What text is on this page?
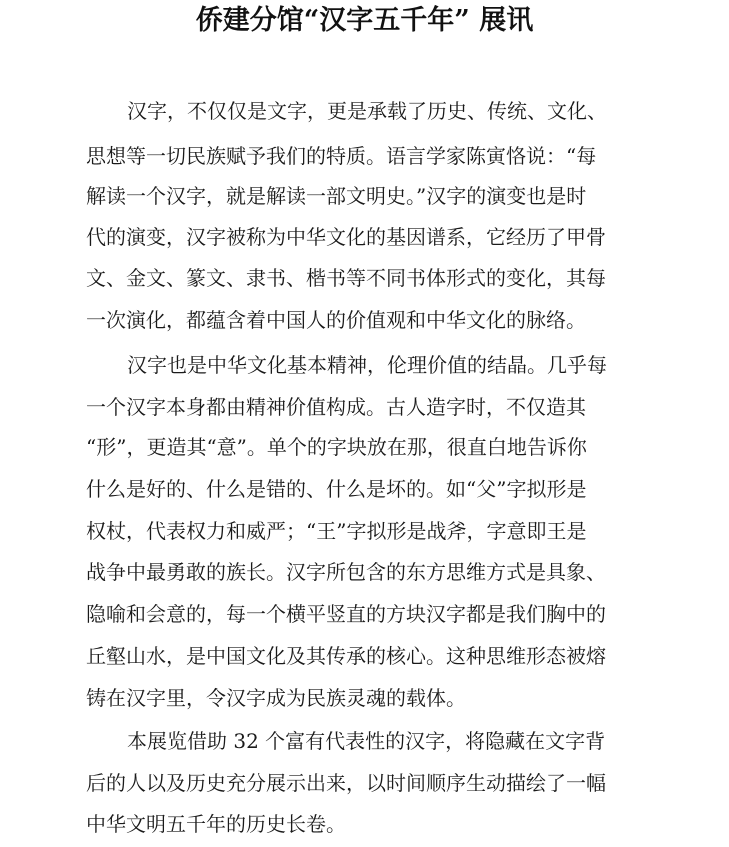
侨建分馆“汉字五千年” 展讯

汉字，不仅仅是文字，更是承载了历史、传统、文化、

思想等一切民族赋予我们的特质。语言学家陈寅恪说：“每

解读一个汉字，就是解读一部文明史。”汉字的演变也是时

代的演变，汉字被称为中华文化的基因谱系，它经历了甲骨

文、金文、篆文、隶书、楷书等不同书体形式的变化，其每

一次演化，都蕴含着中国人的价值观和中华文化的脉络。

汉字也是中华文化基本精神，伦理价值的结晶。几乎每

一个汉字本身都由精神价值构成。古人造字时，不仅造其

“形”，更造其“意”。单个的字块放在那，很直白地告诉你

什么是好的、什么是错的、什么是坏的。如“父”字拟形是

权杖，代表权力和威严；“王”字拟形是战斧，字意即王是

战争中最勇敢的族长。汉字所包含的东方思维方式是具象、

隐喻和会意的，每一个横平竖直的方块汉字都是我们胸中的

丘壑山水，是中国文化及其传承的核心。这种思维形态被熔

铸在汉字里，令汉字成为民族灵魂的载体。

本展览借助 32 个富有代表性的汉字，将隐藏在文字背

后的人以及历史充分展示出来，以时间顺序生动描绘了一幅

中华文明五千年的历史长卷。
